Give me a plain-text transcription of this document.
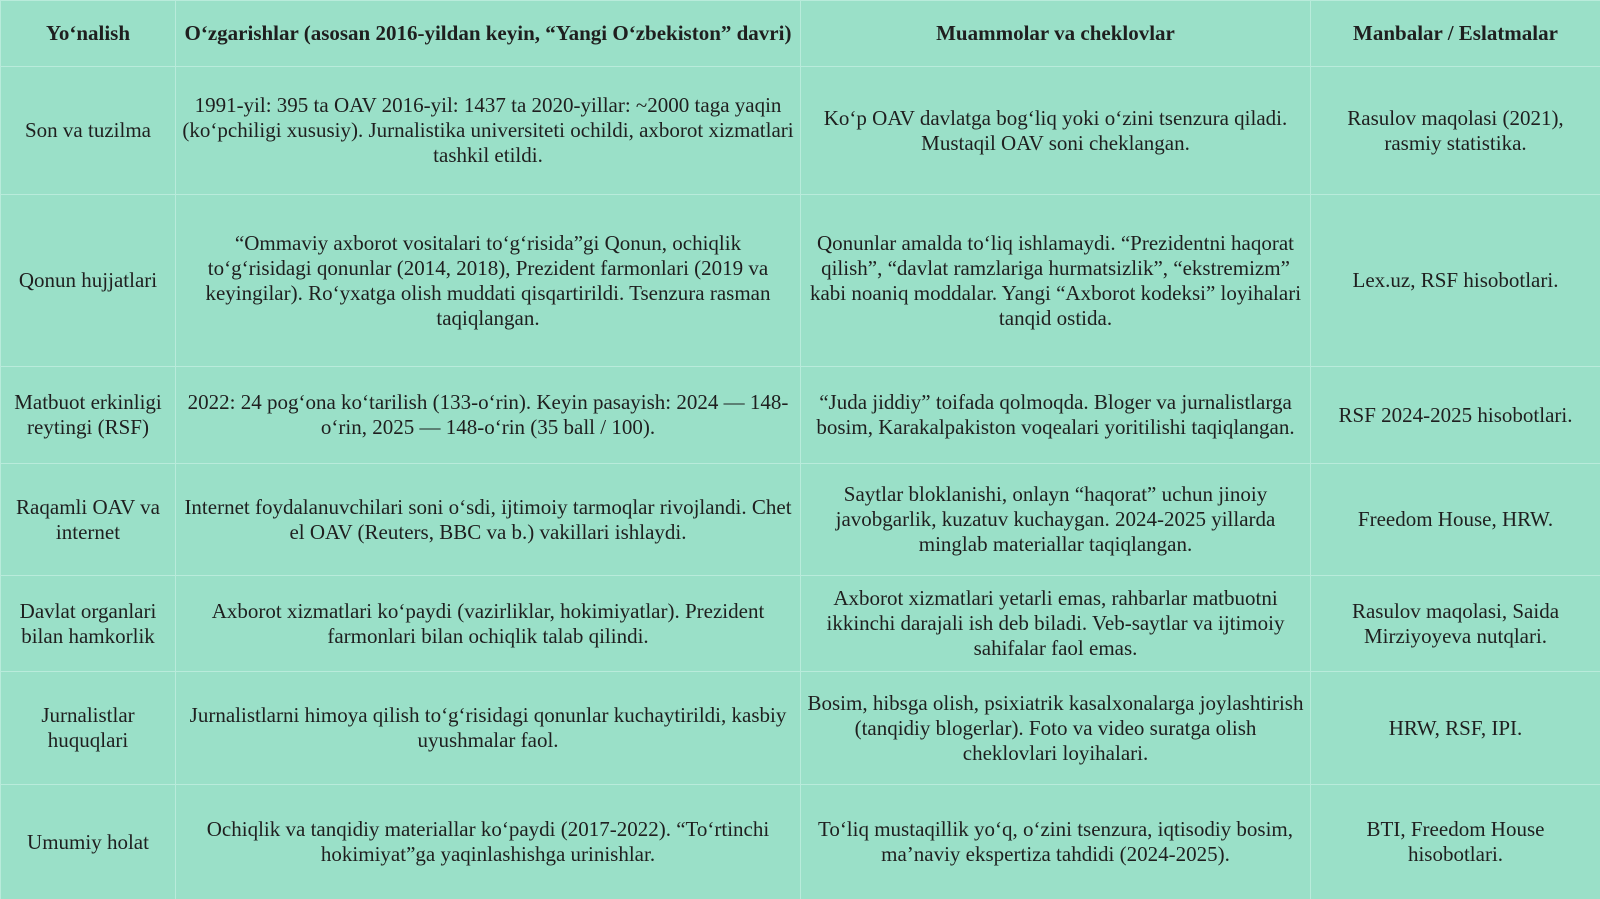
Yo‘nalish	O‘zgarishlar (asosan 2016-yildan keyin, “Yangi O‘zbekiston” davri)	Muammolar va cheklovlar	Manbalar / Eslatmalar
Son va tuzilma	1991-yil: 395 ta OAV 2016-yil: 1437 ta 2020-yillar: ~2000 taga yaqin (ko‘pchiligi xususiy). Jurnalistika universiteti ochildi, axborot xizmatlari tashkil etildi.	Ko‘p OAV davlatga bog‘liq yoki o‘zini tsenzura qiladi. Mustaqil OAV soni cheklangan.	Rasulov maqolasi (2021), rasmiy statistika.
Qonun hujjatlari	“Ommaviy axborot vositalari to‘g‘risida”gi Qonun, ochiqlik to‘g‘risidagi qonunlar (2014, 2018), Prezident farmonlari (2019 va keyingilar). Ro‘yxatga olish muddati qisqartirildi. Tsenzura rasman taqiqlangan.	Qonunlar amalda to‘liq ishlamaydi. “Prezidentni haqorat qilish”, “davlat ramzlariga hurmatsizlik”, “ekstremizm” kabi noaniq moddalar. Yangi “Axborot kodeksi” loyihalari tanqid ostida.	Lex.uz, RSF hisobotlari.
Matbuot erkinligi reytingi (RSF)	2022: 24 pog‘ona ko‘tarilish (133-o‘rin). Keyin pasayish: 2024 — 148-o‘rin, 2025 — 148-o‘rin (35 ball / 100).	“Juda jiddiy” toifada qolmoqda. Bloger va jurnalistlarga bosim, Karakalpakiston voqealari yoritilishi taqiqlangan.	RSF 2024-2025 hisobotlari.
Raqamli OAV va internet	Internet foydalanuvchilari soni o‘sdi, ijtimoiy tarmoqlar rivojlandi. Chet el OAV (Reuters, BBC va b.) vakillari ishlaydi.	Saytlar bloklanishi, onlayn “haqorat” uchun jinoiy javobgarlik, kuzatuv kuchaygan. 2024-2025 yillarda minglab materiallar taqiqlangan.	Freedom House, HRW.
Davlat organlari bilan hamkorlik	Axborot xizmatlari ko‘paydi (vazirliklar, hokimiyatlar). Prezident farmonlari bilan ochiqlik talab qilindi.	Axborot xizmatlari yetarli emas, rahbarlar matbuotni ikkinchi darajali ish deb biladi. Veb-saytlar va ijtimoiy sahifalar faol emas.	Rasulov maqolasi, Saida Mirziyoyeva nutqlari.
Jurnalistlar huquqlari	Jurnalistlarni himoya qilish to‘g‘risidagi qonunlar kuchaytirildi, kasbiy uyushmalar faol.	Bosim, hibsga olish, psixiatrik kasalxonalarga joylashtirish (tanqidiy blogerlar). Foto va video suratga olish cheklovlari loyihalari.	HRW, RSF, IPI.
Umumiy holat	Ochiqlik va tanqidiy materiallar ko‘paydi (2017-2022). “To‘rtinchi hokimiyat”ga yaqinlashishga urinishlar.	To‘liq mustaqillik yo‘q, o‘zini tsenzura, iqtisodiy bosim, ma’naviy ekspertiza tahdidi (2024-2025).	BTI, Freedom House hisobotlari.
